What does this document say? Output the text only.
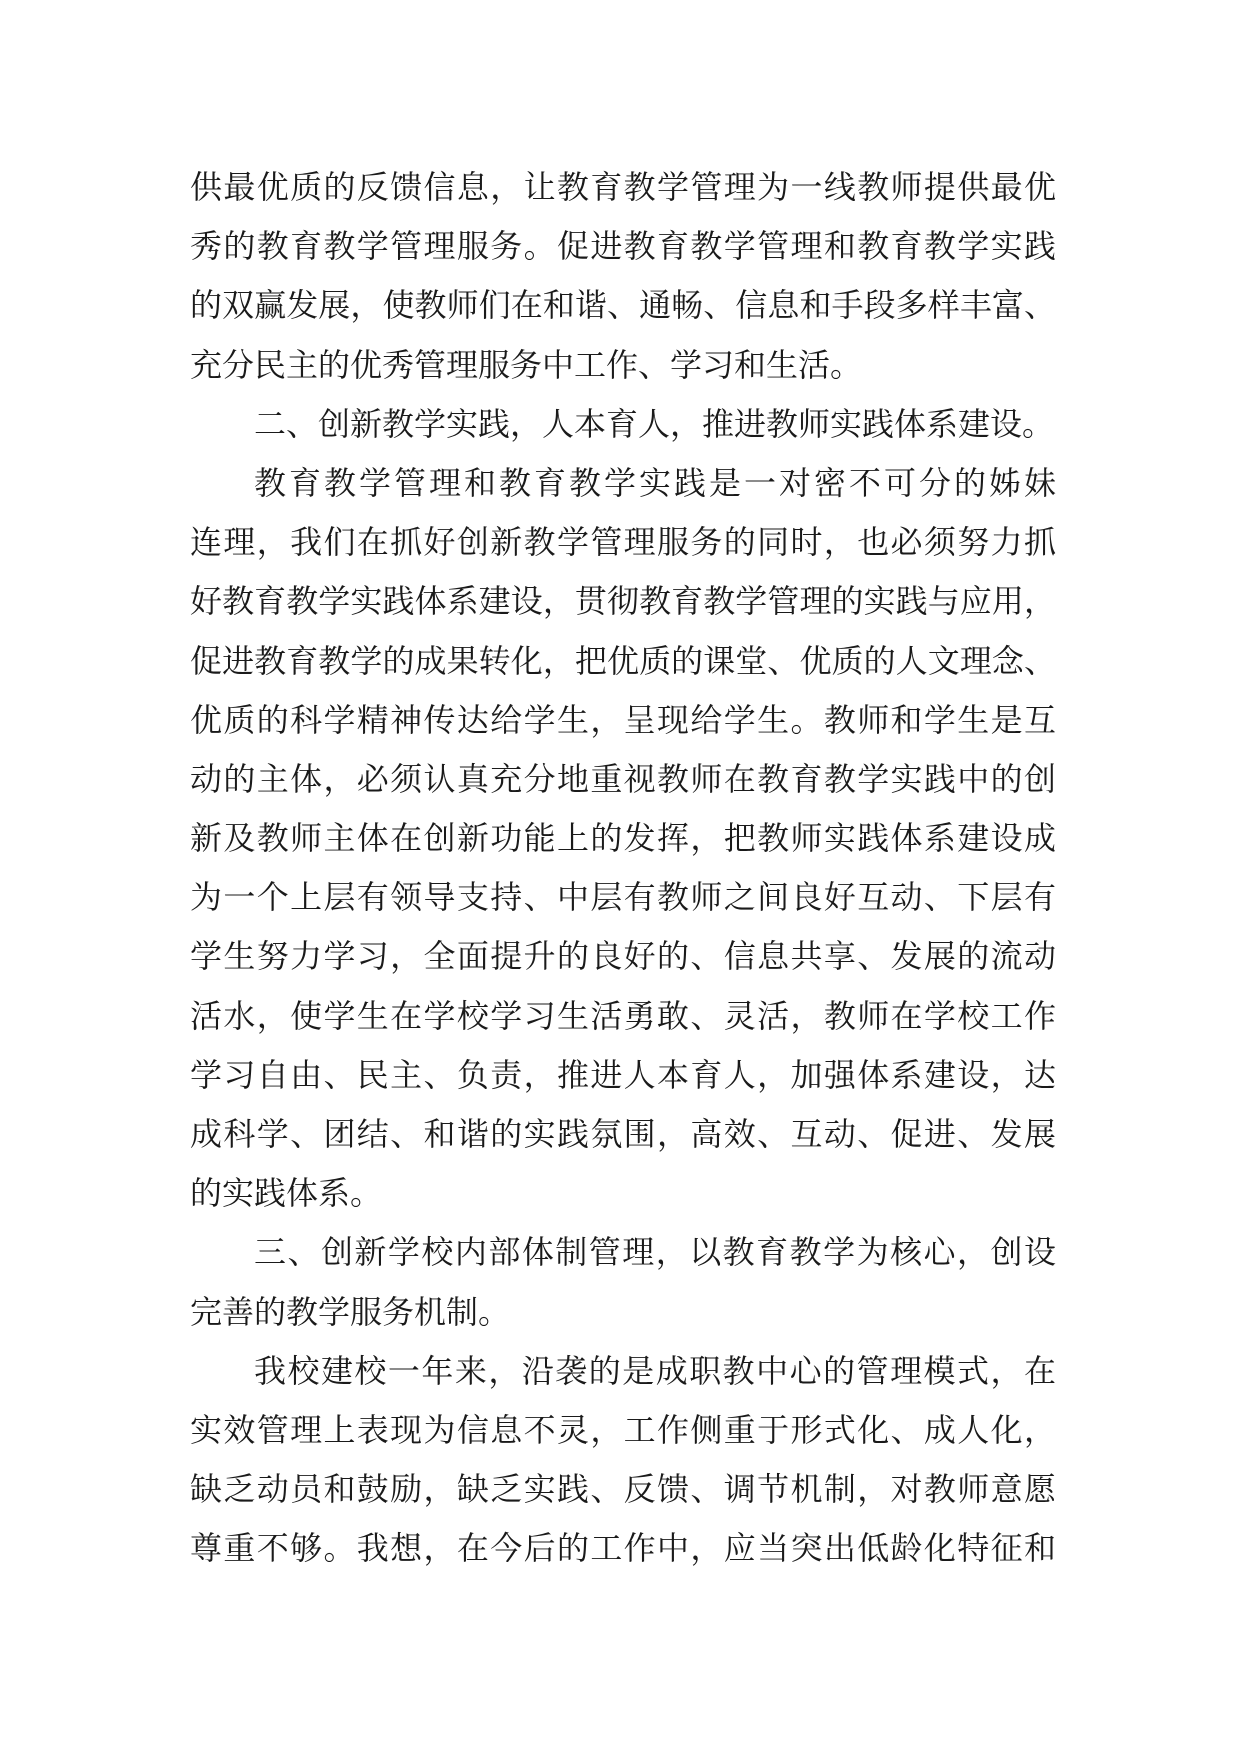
供最优质的反馈信息，让教育教学管理为一线教师提供最优
秀的教育教学管理服务。促进教育教学管理和教育教学实践
的双赢发展，使教师们在和谐、通畅、信息和手段多样丰富、
充分民主的优秀管理服务中工作、学习和生活。
二、创新教学实践，人本育人，推进教师实践体系建设。
教育教学管理和教育教学实践是一对密不可分的姊妹
连理，我们在抓好创新教学管理服务的同时，也必须努力抓
好教育教学实践体系建设，贯彻教育教学管理的实践与应用，
促进教育教学的成果转化，把优质的课堂、优质的人文理念、
优质的科学精神传达给学生，呈现给学生。教师和学生是互
动的主体，必须认真充分地重视教师在教育教学实践中的创
新及教师主体在创新功能上的发挥，把教师实践体系建设成
为一个上层有领导支持、中层有教师之间良好互动、下层有
学生努力学习，全面提升的良好的、信息共享、发展的流动
活水，使学生在学校学习生活勇敢、灵活，教师在学校工作
学习自由、民主、负责，推进人本育人，加强体系建设，达
成科学、团结、和谐的实践氛围，高效、互动、促进、发展
的实践体系。
三、创新学校内部体制管理，以教育教学为核心，创设
完善的教学服务机制。
我校建校一年来，沿袭的是成职教中心的管理模式，在
实效管理上表现为信息不灵，工作侧重于形式化、成人化，
缺乏动员和鼓励，缺乏实践、反馈、调节机制，对教师意愿
尊重不够。我想，在今后的工作中，应当突出低龄化特征和
